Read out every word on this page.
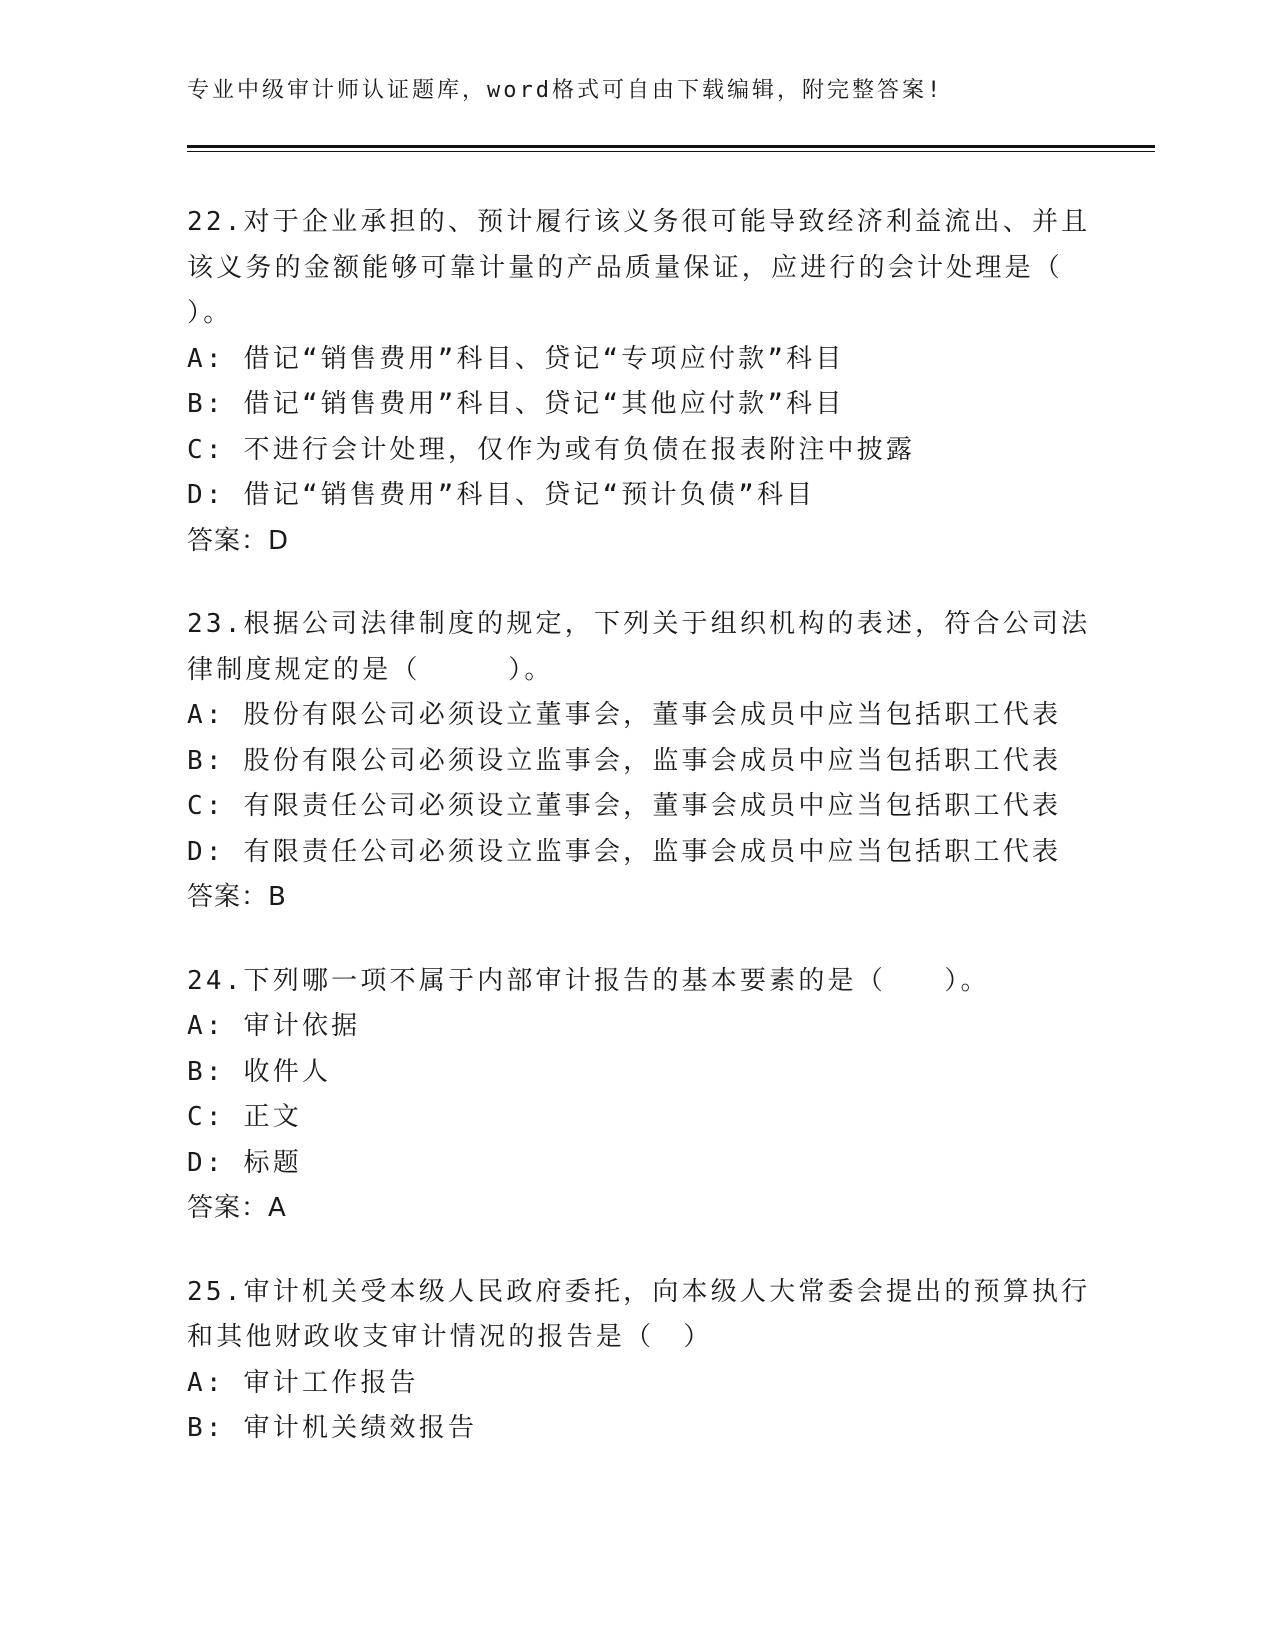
专业中级审计师认证题库，word格式可自由下载编辑，附完整答案!
22.对于企业承担的、预计履行该义务很可能导致经济利益流出、并且
该义务的金额能够可靠计量的产品质量保证，应进行的会计处理是（
）。
A: 借记“销售费用”科目、贷记“专项应付款”科目
B: 借记“销售费用”科目、贷记“其他应付款”科目
C: 不进行会计处理，仅作为或有负债在报表附注中披露
D: 借记“销售费用”科目、贷记“预计负债”科目
答案：D
23.根据公司法律制度的规定，下列关于组织机构的表述，符合公司法
律制度规定的是（　　　）。
A: 股份有限公司必须设立董事会，董事会成员中应当包括职工代表
B: 股份有限公司必须设立监事会，监事会成员中应当包括职工代表
C: 有限责任公司必须设立董事会，董事会成员中应当包括职工代表
D: 有限责任公司必须设立监事会，监事会成员中应当包括职工代表
答案：B
24.下列哪一项不属于内部审计报告的基本要素的是（　　）。
A: 审计依据
B: 收件人
C: 正文
D: 标题
答案：A
25.审计机关受本级人民政府委托，向本级人大常委会提出的预算执行
和其他财政收支审计情况的报告是（　）
A: 审计工作报告
B: 审计机关绩效报告
